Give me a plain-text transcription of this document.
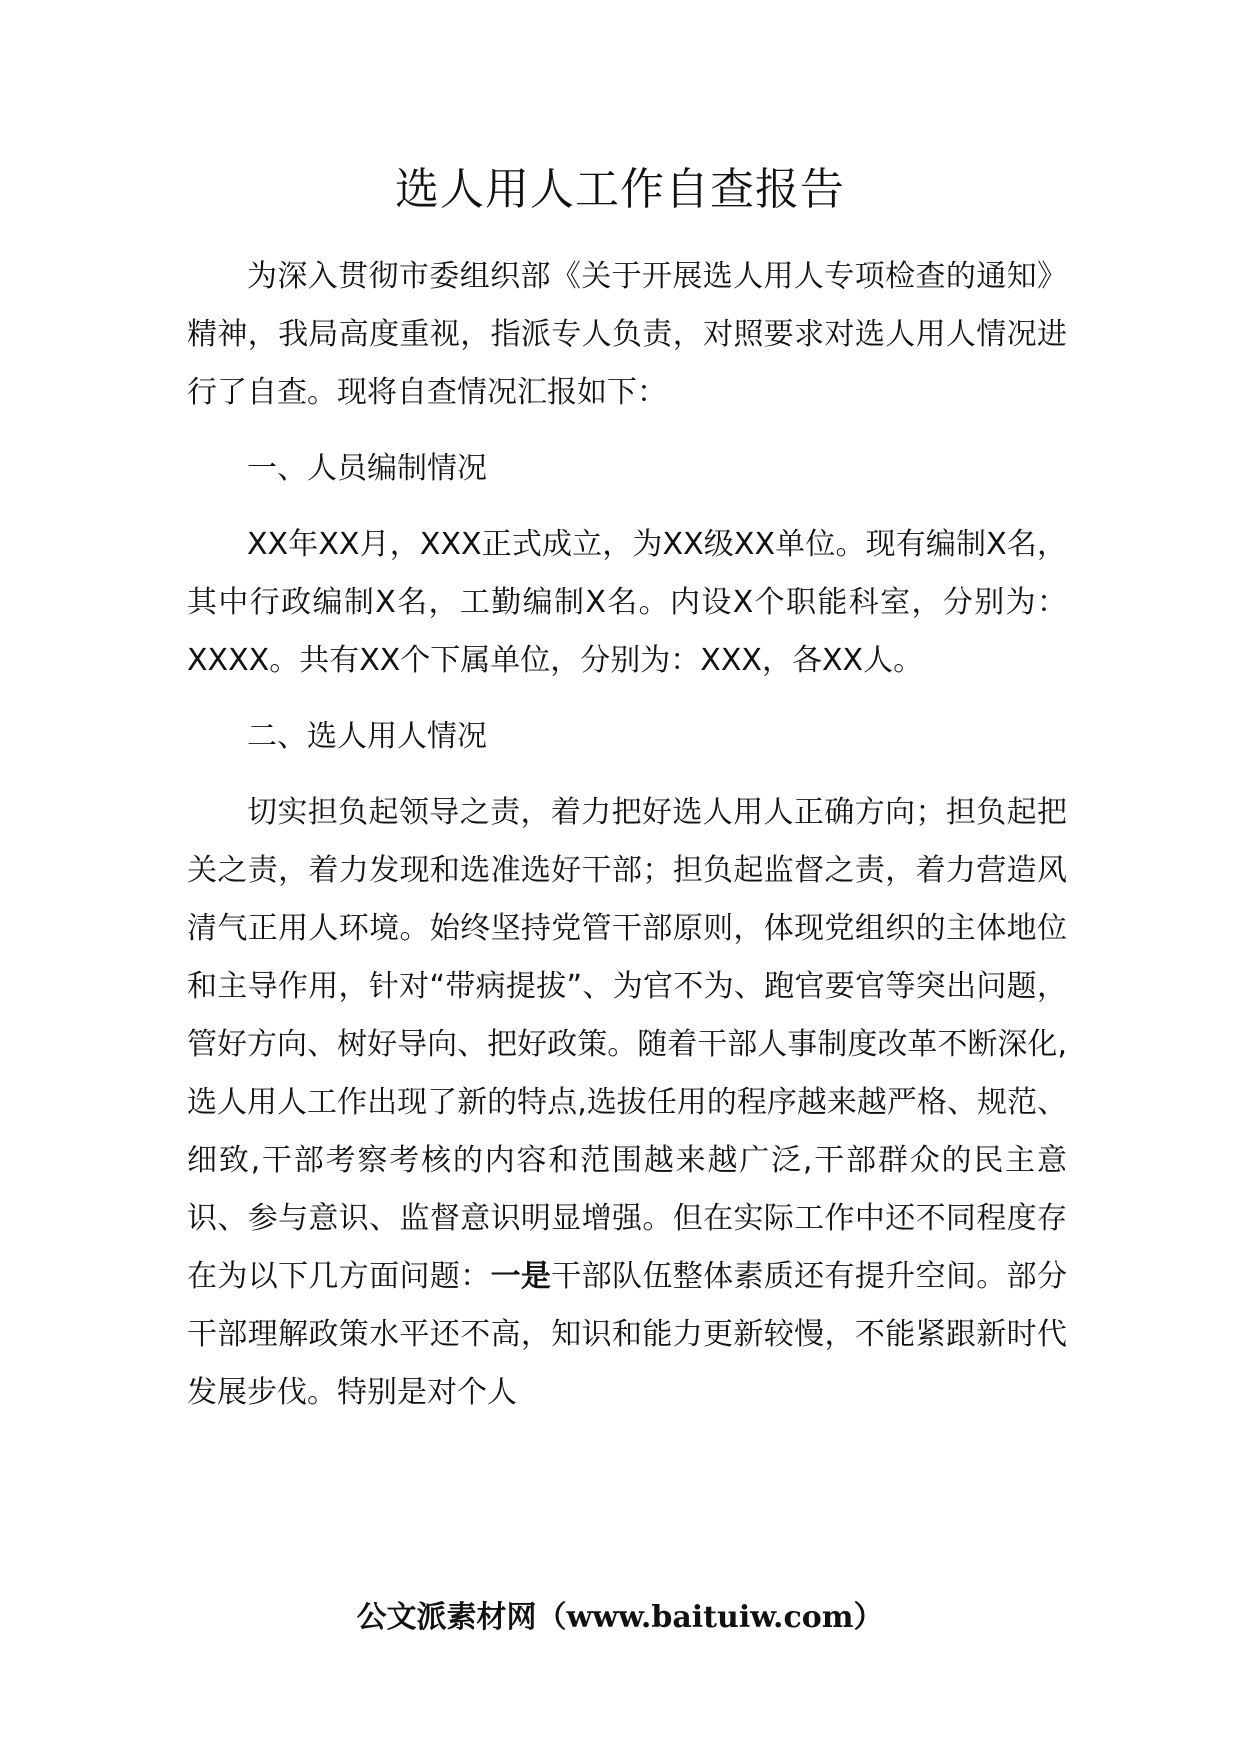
选人用人工作自查报告

为深入贯彻市委组织部《关于开展选人用人专项检查的通知》精神，我局高度重视，指派专人负责，对照要求对选人用人情况进行了自查。现将自查情况汇报如下：

一、人员编制情况

XX年XX月，XXX正式成立，为XX级XX单位。现有编制X名，其中行政编制X名，工勤编制X名。内设X个职能科室，分别为：XXXX。共有XX个下属单位，分别为：XXX，各XX人。

二、选人用人情况

切实担负起领导之责，着力把好选人用人正确方向；担负起把关之责，着力发现和选准选好干部；担负起监督之责，着力营造风清气正用人环境。始终坚持党管干部原则，体现党组织的主体地位和主导作用，针对“带病提拔”、为官不为、跑官要官等突出问题，管好方向、树好导向、把好政策。随着干部人事制度改革不断深化,选人用人工作出现了新的特点,选拔任用的程序越来越严格、规范、细致,干部考察考核的内容和范围越来越广泛,干部群众的民主意识、参与意识、监督意识明显增强。但在实际工作中还不同程度存在为以下几方面问题：一是干部队伍整体素质还有提升空间。部分干部理解政策水平还不高，知识和能力更新较慢，不能紧跟新时代发展步伐。特别是对个人

公文派素材网（www.baituiw.com）
